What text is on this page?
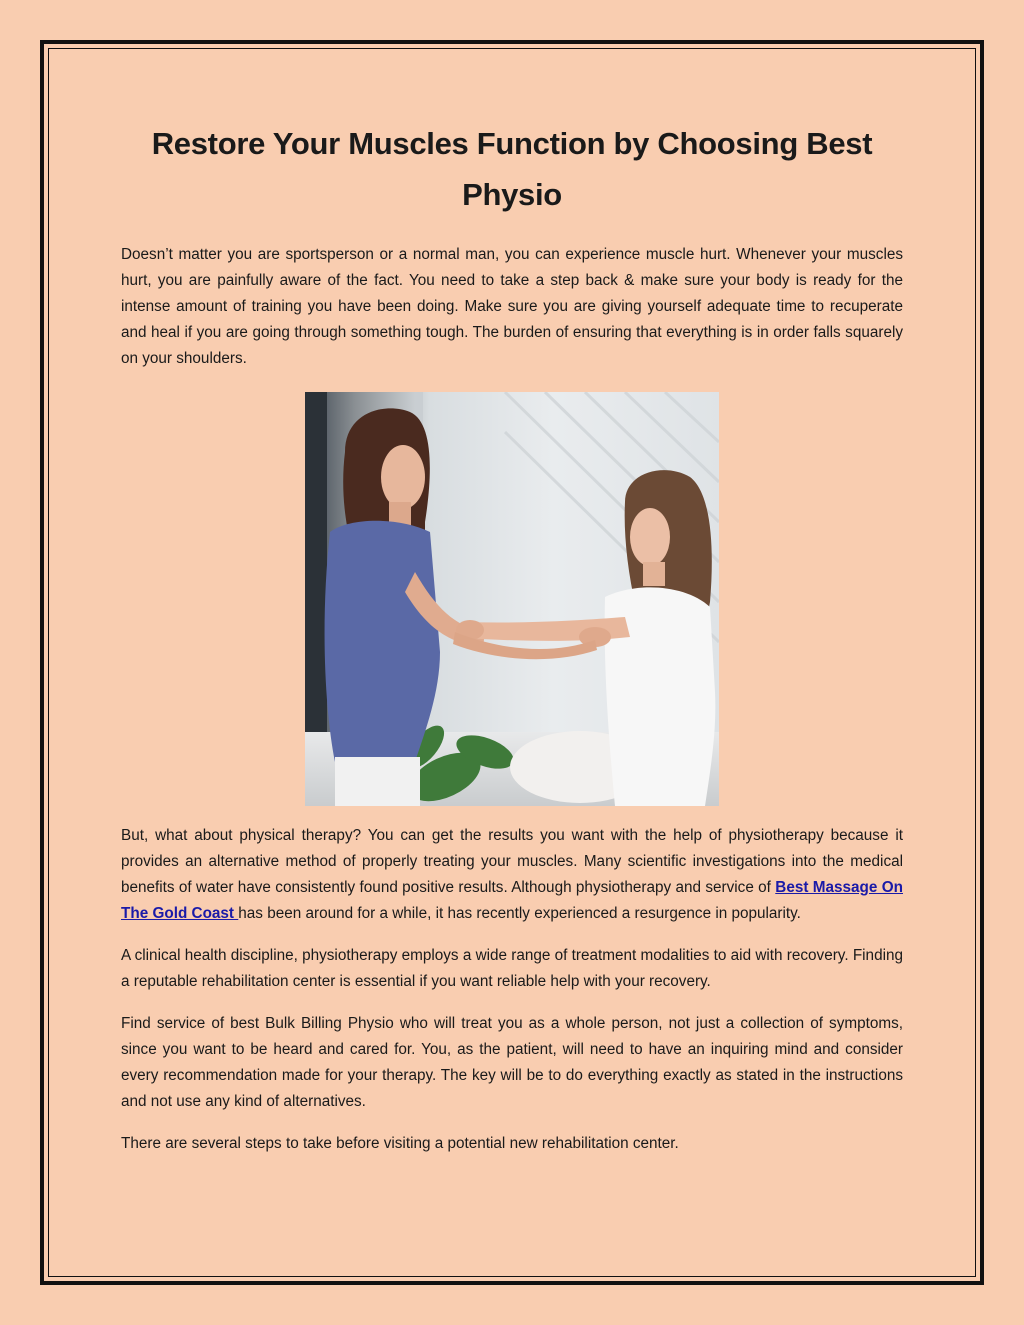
Restore Your Muscles Function by Choosing Best Physio

Doesn’t matter you are sportsperson or a normal man, you can experience muscle hurt. Whenever your muscles hurt, you are painfully aware of the fact. You need to take a step back & make sure your body is ready for the intense amount of training you have been doing. Make sure you are giving yourself adequate time to recuperate and heal if you are going through something tough. The burden of ensuring that everything is in order falls squarely on your shoulders.

But, what about physical therapy? You can get the results you want with the help of physiotherapy because it provides an alternative method of properly treating your muscles. Many scientific investigations into the medical benefits of water have consistently found positive results. Although physiotherapy and service of Best Massage On The Gold Coast has been around for a while, it has recently experienced a resurgence in popularity.

A clinical health discipline, physiotherapy employs a wide range of treatment modalities to aid with recovery. Finding a reputable rehabilitation center is essential if you want reliable help with your recovery.

Find service of best Bulk Billing Physio who will treat you as a whole person, not just a collection of symptoms, since you want to be heard and cared for. You, as the patient, will need to have an inquiring mind and consider every recommendation made for your therapy. The key will be to do everything exactly as stated in the instructions and not use any kind of alternatives.

There are several steps to take before visiting a potential new rehabilitation center.
